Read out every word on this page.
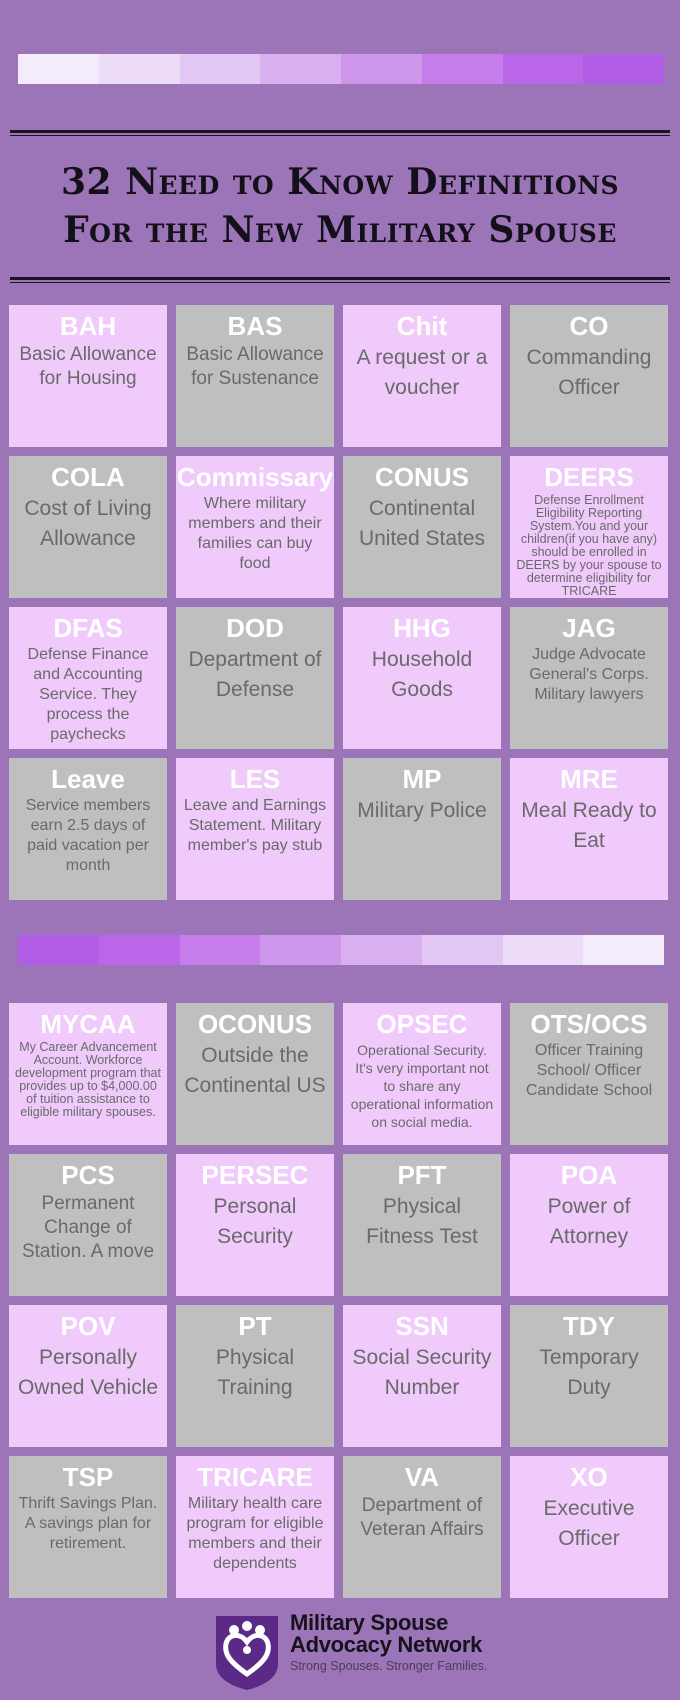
32 Need to Know Definitions
For the New Military Spouse
BAH
Basic Allowance for Housing
BAS
Basic Allowance for Sustenance
Chit
A request or a voucher
CO
Commanding Officer
COLA
Cost of Living Allowance
Commissary
Where military members and their families can buy food
CONUS
Continental United States
DEERS
Defense Enrollment Eligibility Reporting System.You and your children(if you have any) should be enrolled in DEERS by your spouse to determine eligibility for TRICARE
DFAS
Defense Finance and Accounting Service. They process the paychecks
DOD
Department of Defense
HHG
Household Goods
JAG
Judge Advocate General's Corps. Military lawyers
Leave
Service members earn 2.5 days of paid vacation per month
LES
Leave and Earnings Statement. Military member's pay stub
MP
Military Police
MRE
Meal Ready to Eat
MYCAA
My Career Advancement Account. Workforce development program that provides up to $4,000.00 of tuition assistance to eligible military spouses.
OCONUS
Outside the Continental US
OPSEC
Operational Security. It's very important not to share any operational information on social media.
OTS/OCS
Officer Training School/ Officer Candidate School
PCS
Permanent Change of Station. A move
PERSEC
Personal Security
PFT
Physical Fitness Test
POA
Power of Attorney
POV
Personally Owned Vehicle
PT
Physical Training
SSN
Social Security Number
TDY
Temporary Duty
TSP
Thrift Savings Plan. A savings plan for retirement.
TRICARE
Military health care program for eligible members and their dependents
VA
Department of Veteran Affairs
XO
Executive Officer
Military Spouse
Advocacy Network
Strong Spouses. Stronger Families.
